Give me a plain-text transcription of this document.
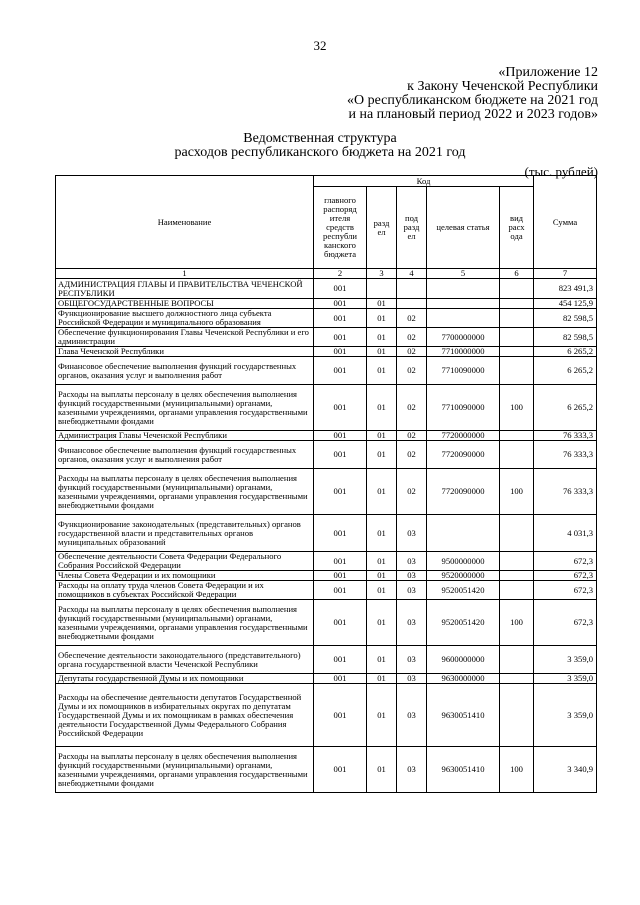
32
«Приложение 12
к Закону Чеченской Республики
«О республиканском бюджете на 2021 год
и на плановый период 2022 и 2023 годов»
Ведомственная структура
расходов республиканского бюджета на 2021 год
(тыс. рублей)
Наименование	Код					Сумма
	главного распоряд ителя средств республи канского бюджета	разд ел	под разд ел	целевая статья	вид расх ода	
1	2	3	4	5	6	7
АДМИНИСТРАЦИЯ ГЛАВЫ И ПРАВИТЕЛЬСТВА ЧЕЧЕНСКОЙ РЕСПУБЛИКИ	001					823 491,3
ОБЩЕГОСУДАРСТВЕННЫЕ ВОПРОСЫ	001	01				454 125,9
Функционирование высшего должностного лица субъекта Российской Федерации и муниципального образования	001	01	02			82 598,5
Обеспечение функционирования Главы Чеченской Республики и его администрации	001	01	02	7700000000		82 598,5
Глава Чеченской Республики	001	01	02	7710000000		6 265,2
Финансовое обеспечение выполнения функций государственных органов, оказания услуг и выполнения работ	001	01	02	7710090000		6 265,2
Расходы на выплаты персоналу в целях обеспечения выполнения функций государственными (муниципальными) органами, казенными учреждениями, органами управления государственными внебюджетными фондами	001	01	02	7710090000	100	6 265,2
Администрация Главы Чеченской Республики	001	01	02	7720000000		76 333,3
Финансовое обеспечение выполнения функций государственных органов, оказания услуг и выполнения работ	001	01	02	7720090000		76 333,3
Расходы на выплаты персоналу в целях обеспечения выполнения функций государственными (муниципальными) органами, казенными учреждениями, органами управления государственными внебюджетными фондами	001	01	02	7720090000	100	76 333,3
Функционирование законодательных (представительных) органов государственной власти и представительных органов муниципальных образований	001	01	03			4 031,3
Обеспечение деятельности Совета Федерации Федерального Собрания Российской Федерации	001	01	03	9500000000		672,3
Члены Совета Федерации и их помощники	001	01	03	9520000000		672,3
Расходы на оплату труда членов Совета Федерации и их помощников в субъектах Российской Федерации	001	01	03	9520051420		672,3
Расходы на выплаты персоналу в целях обеспечения выполнения функций государственными (муниципальными) органами, казенными учреждениями, органами управления государственными внебюджетными фондами	001	01	03	9520051420	100	672,3
Обеспечение деятельности законодательного (представительного) органа государственной власти Чеченской Республики	001	01	03	9600000000		3 359,0
Депутаты государственной Думы и их помощники	001	01	03	9630000000		3 359,0
Расходы на обеспечение деятельности депутатов Государственной Думы и их помощников в избирательных округах по депутатам Государственной Думы и их помощникам в рамках обеспечения деятельности Государственной Думы Федерального Собрания Российской Федерации	001	01	03	9630051410		3 359,0
Расходы на выплаты персоналу в целях обеспечения выполнения функций государственными (муниципальными) органами, казенными учреждениями, органами управления государственными внебюджетными фондами	001	01	03	9630051410	100	3 340,9
